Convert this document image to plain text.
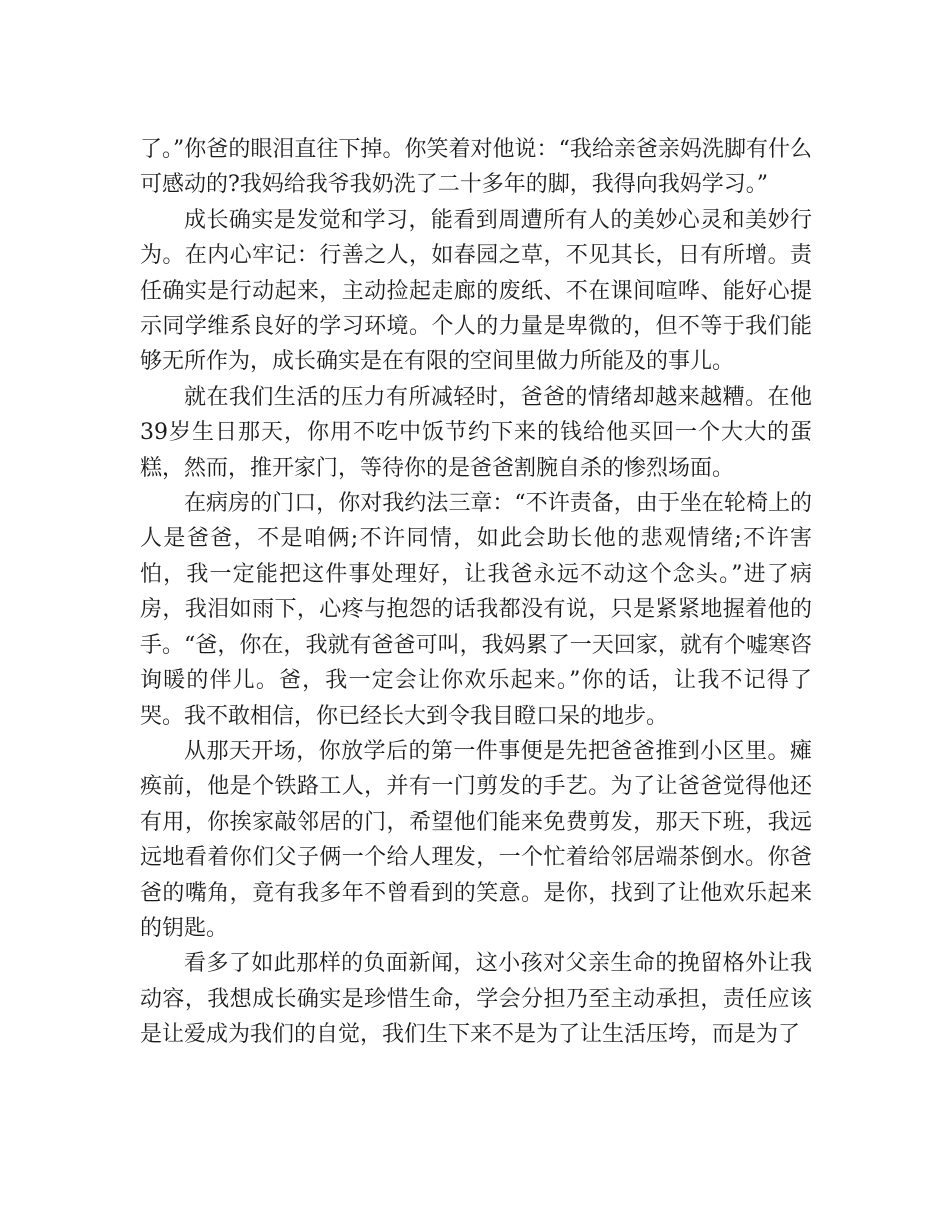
了。”你爸的眼泪直往下掉。你笑着对他说：“我给亲爸亲妈洗脚有什么可感动的?我妈给我爷我奶洗了二十多年的脚，我得向我妈学习。”

成长确实是发觉和学习，能看到周遭所有人的美妙心灵和美妙行为。在内心牢记：行善之人，如春园之草，不见其长，日有所增。责任确实是行动起来，主动捡起走廊的废纸、不在课间喧哗、能好心提示同学维系良好的学习环境。个人的力量是卑微的，但不等于我们能够无所作为，成长确实是在有限的空间里做力所能及的事儿。

就在我们生活的压力有所减轻时，爸爸的情绪却越来越糟。在他39岁生日那天，你用不吃中饭节约下来的钱给他买回一个大大的蛋糕，然而，推开家门，等待你的是爸爸割腕自杀的惨烈场面。

在病房的门口，你对我约法三章：“不许责备，由于坐在轮椅上的人是爸爸，不是咱俩;不许同情，如此会助长他的悲观情绪;不许害怕，我一定能把这件事处理好，让我爸永远不动这个念头。”进了病房，我泪如雨下，心疼与抱怨的话我都没有说，只是紧紧地握着他的手。“爸，你在，我就有爸爸可叫，我妈累了一天回家，就有个嘘寒咨询暖的伴儿。爸，我一定会让你欢乐起来。”你的话，让我不记得了哭。我不敢相信，你已经长大到令我目瞪口呆的地步。

从那天开场，你放学后的第一件事便是先把爸爸推到小区里。瘫痪前，他是个铁路工人，并有一门剪发的手艺。为了让爸爸觉得他还有用，你挨家敲邻居的门，希望他们能来免费剪发，那天下班，我远远地看着你们父子俩一个给人理发，一个忙着给邻居端茶倒水。你爸爸的嘴角，竟有我多年不曾看到的笑意。是你，找到了让他欢乐起来的钥匙。

看多了如此那样的负面新闻，这小孩对父亲生命的挽留格外让我动容，我想成长确实是珍惜生命，学会分担乃至主动承担，责任应该是让爱成为我们的自觉，我们生下来不是为了让生活压垮，而是为了
